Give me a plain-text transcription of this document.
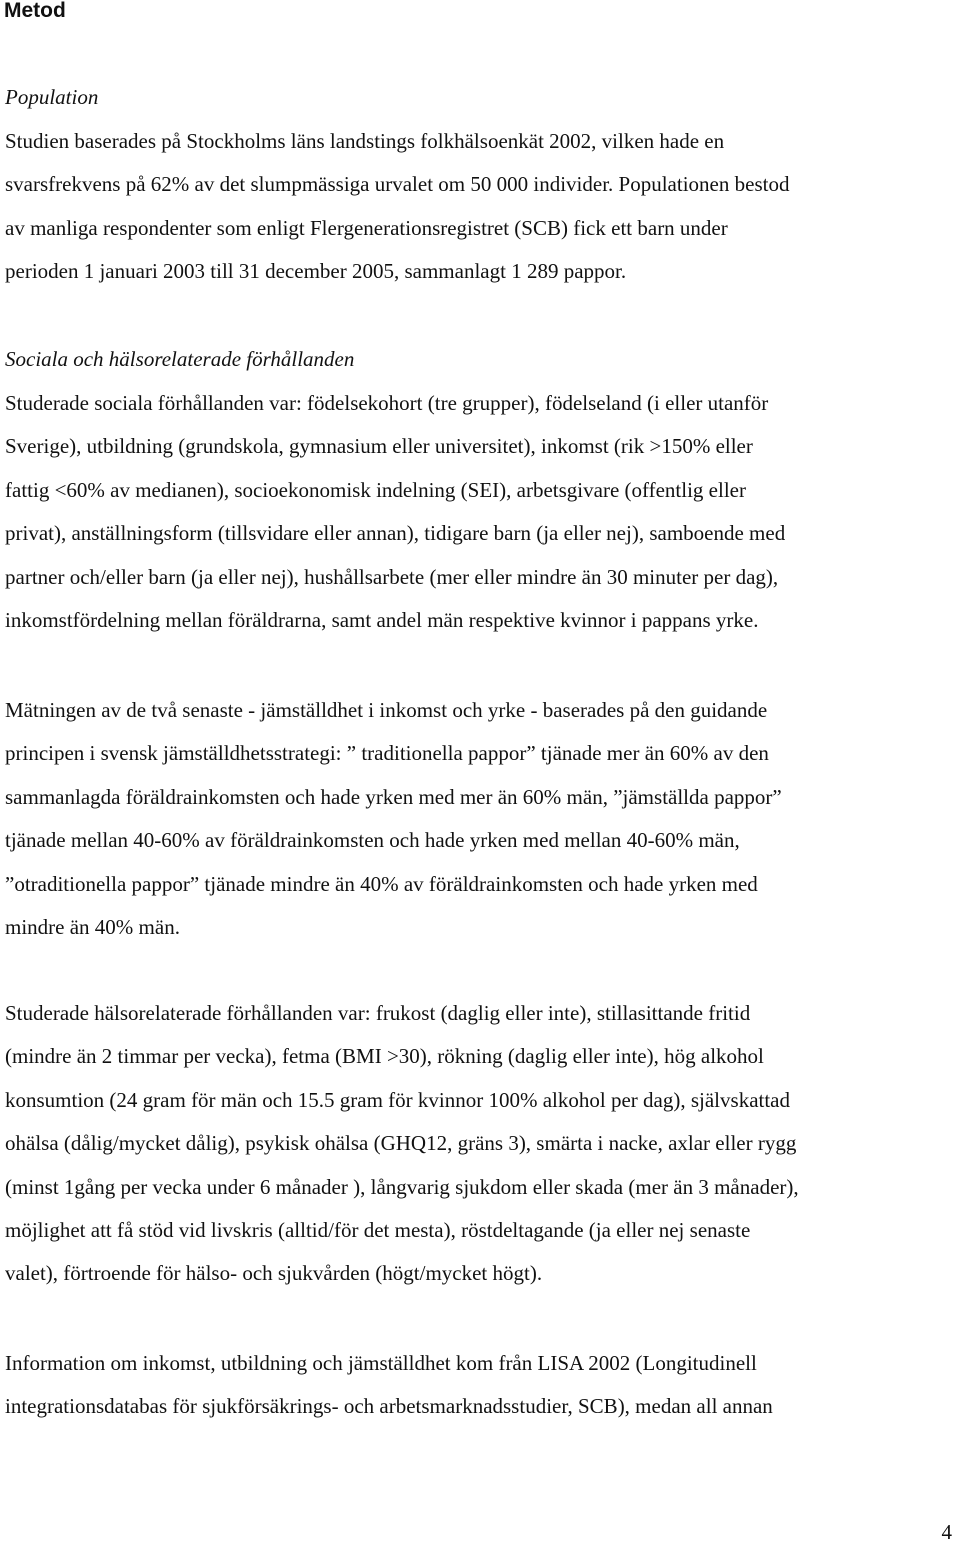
Metod

Population

Studien baserades på Stockholms läns landstings folkhälsoenkät 2002, vilken hade en
svarsfrekvens på 62% av det slumpmässiga urvalet om 50 000 individer. Populationen bestod
av manliga respondenter som enligt Flergenerationsregistret (SCB) fick ett barn under
perioden 1 januari 2003 till 31 december 2005, sammanlagt 1 289 pappor.

Sociala och hälsorelaterade förhållanden

Studerade sociala förhållanden var: födelsekohort (tre grupper), födelseland (i eller utanför
Sverige), utbildning (grundskola, gymnasium eller universitet), inkomst (rik >150% eller
fattig <60% av medianen), socioekonomisk indelning (SEI), arbetsgivare (offentlig eller
privat), anställningsform (tillsvidare eller annan), tidigare barn (ja eller nej), samboende med
partner och/eller barn (ja eller nej), hushållsarbete (mer eller mindre än 30 minuter per dag),
inkomstfördelning mellan föräldrarna, samt andel män respektive kvinnor i pappans yrke.
Mätningen av de två senaste - jämställdhet i inkomst och yrke - baserades på den guidande
principen i svensk jämställdhetsstrategi: ” traditionella pappor” tjänade mer än 60% av den
sammanlagda föräldrainkomsten och hade yrken med mer än 60% män, ”jämställda pappor”
tjänade mellan 40-60% av föräldrainkomsten och hade yrken med mellan 40-60% män,
”otraditionella pappor” tjänade mindre än 40% av föräldrainkomsten och hade yrken med
mindre än 40% män.
Studerade hälsorelaterade förhållanden var: frukost (daglig eller inte), stillasittande fritid
(mindre än 2 timmar per vecka), fetma (BMI >30), rökning (daglig eller inte), hög alkohol
konsumtion (24 gram för män och 15.5 gram för kvinnor 100% alkohol per dag), självskattad
ohälsa (dålig/mycket dålig), psykisk ohälsa (GHQ12, gräns 3), smärta i nacke, axlar eller rygg
(minst 1gång per vecka under 6 månader ), långvarig sjukdom eller skada (mer än 3 månader),
möjlighet att få stöd vid livskris (alltid/för det mesta), röstdeltagande (ja eller nej senaste
valet), förtroende för hälso- och sjukvården (högt/mycket högt).
Information om inkomst, utbildning och jämställdhet kom från LISA 2002 (Longitudinell
integrationsdatabas för sjukförsäkrings- och arbetsmarknadsstudier, SCB), medan all annan
4
